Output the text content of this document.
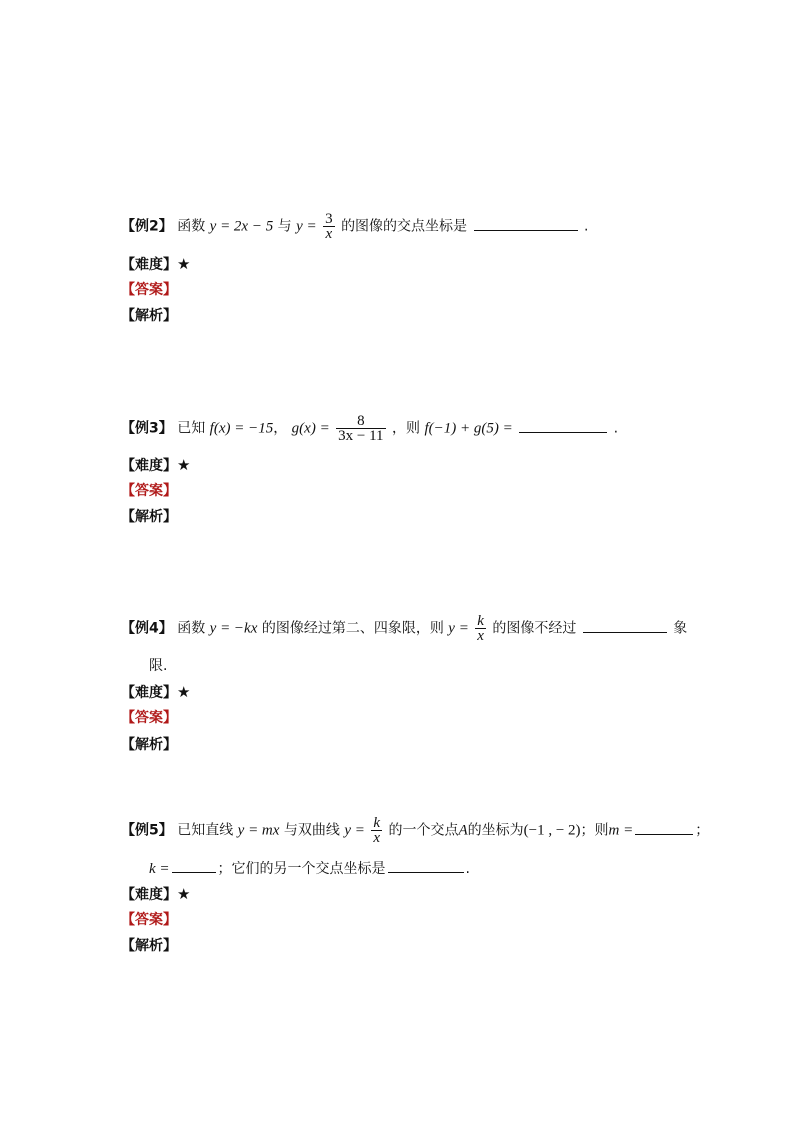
【例2】 函数 y = 2x − 5 与 $y = \frac{3}{x}$ 的图像的交点坐标是	.
【难度】★
【答案】
【解析】
【例3】 已知 f(x) = −15， $g(x) = \frac{8}{3x - 11}$ ，则 f(−1) + g(5) =	.
【难度】★
【答案】
【解析】
【例4】 函数 y = −kx 的图像经过第二、四象限，则 $y = \frac{k}{x}$ 的图像不经过	象
限.
【难度】★
【答案】
【解析】
【例5】 已知直线 y = mx 与双曲线 $y = \frac{k}{x}$ 的一个交点A的坐标为(−1 , − 2)；则m =	；
k =	；它们的另一个交点坐标是	.
【难度】★
【答案】
【解析】
